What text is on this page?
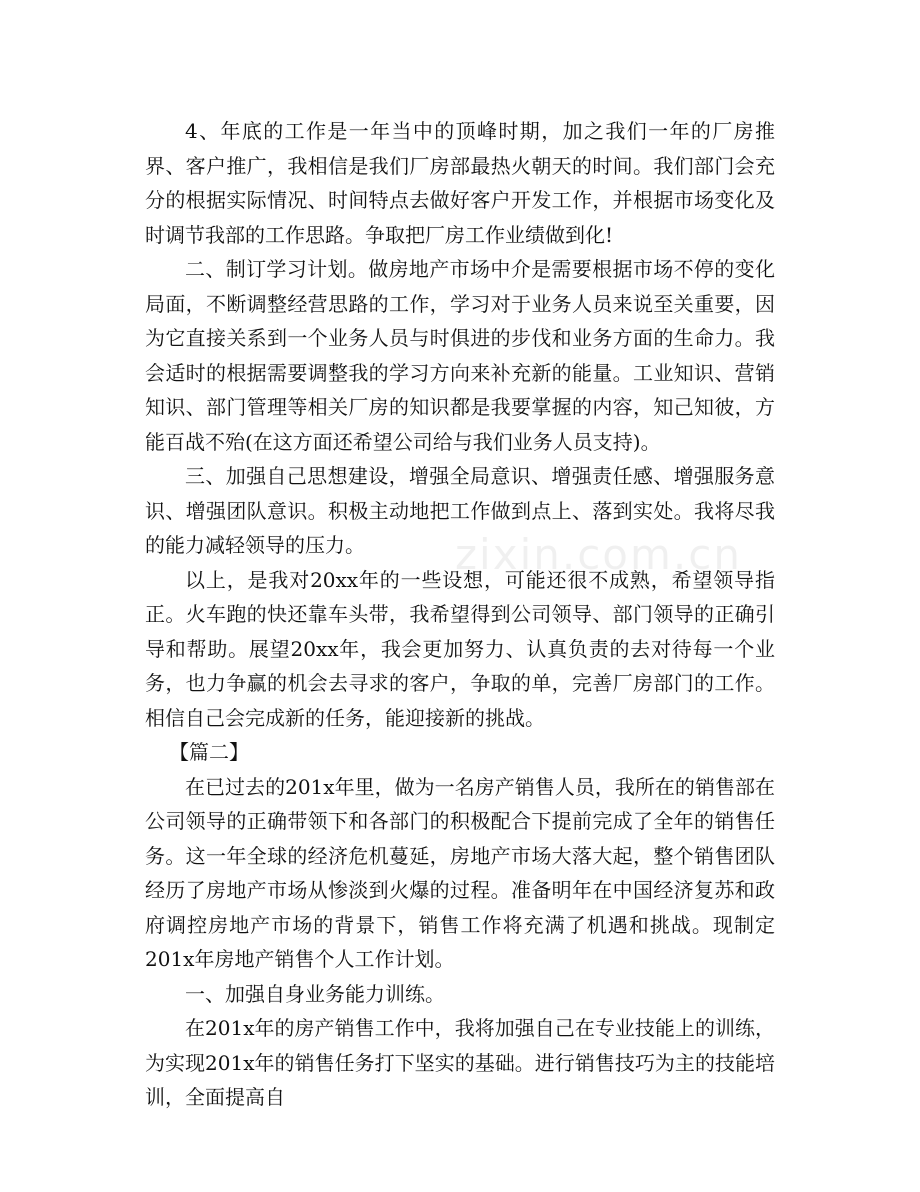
zixin.com.cn

4、年底的工作是一年当中的顶峰时期，加之我们一年的厂房推界、客户推广，我相信是我们厂房部最热火朝天的时间。我们部门会充分的根据实际情况、时间特点去做好客户开发工作，并根据市场变化及时调节我部的工作思路。争取把厂房工作业绩做到化!

二、制订学习计划。做房地产市场中介是需要根据市场不停的变化局面，不断调整经营思路的工作，学习对于业务人员来说至关重要，因为它直接关系到一个业务人员与时俱进的步伐和业务方面的生命力。我会适时的根据需要调整我的学习方向来补充新的能量。工业知识、营销知识、部门管理等相关厂房的知识都是我要掌握的内容，知己知彼，方能百战不殆(在这方面还希望公司给与我们业务人员支持)。

三、加强自己思想建设，增强全局意识、增强责任感、增强服务意识、增强团队意识。积极主动地把工作做到点上、落到实处。我将尽我的能力减轻领导的压力。

以上，是我对20xx年的一些设想，可能还很不成熟，希望领导指正。火车跑的快还靠车头带，我希望得到公司领导、部门领导的正确引导和帮助。展望20xx年，我会更加努力、认真负责的去对待每一个业务，也力争赢的机会去寻求的客户，争取的单，完善厂房部门的工作。相信自己会完成新的任务，能迎接新的挑战。

【篇二】

在已过去的201x年里，做为一名房产销售人员，我所在的销售部在公司领导的正确带领下和各部门的积极配合下提前完成了全年的销售任务。这一年全球的经济危机蔓延，房地产市场大落大起，整个销售团队经历了房地产市场从惨淡到火爆的过程。准备明年在中国经济复苏和政府调控房地产市场的背景下，销售工作将充满了机遇和挑战。现制定201x年房地产销售个人工作计划。

一、加强自身业务能力训练。

在201x年的房产销售工作中，我将加强自己在专业技能上的训练，为实现201x年的销售任务打下坚实的基础。进行销售技巧为主的技能培训，全面提高自
